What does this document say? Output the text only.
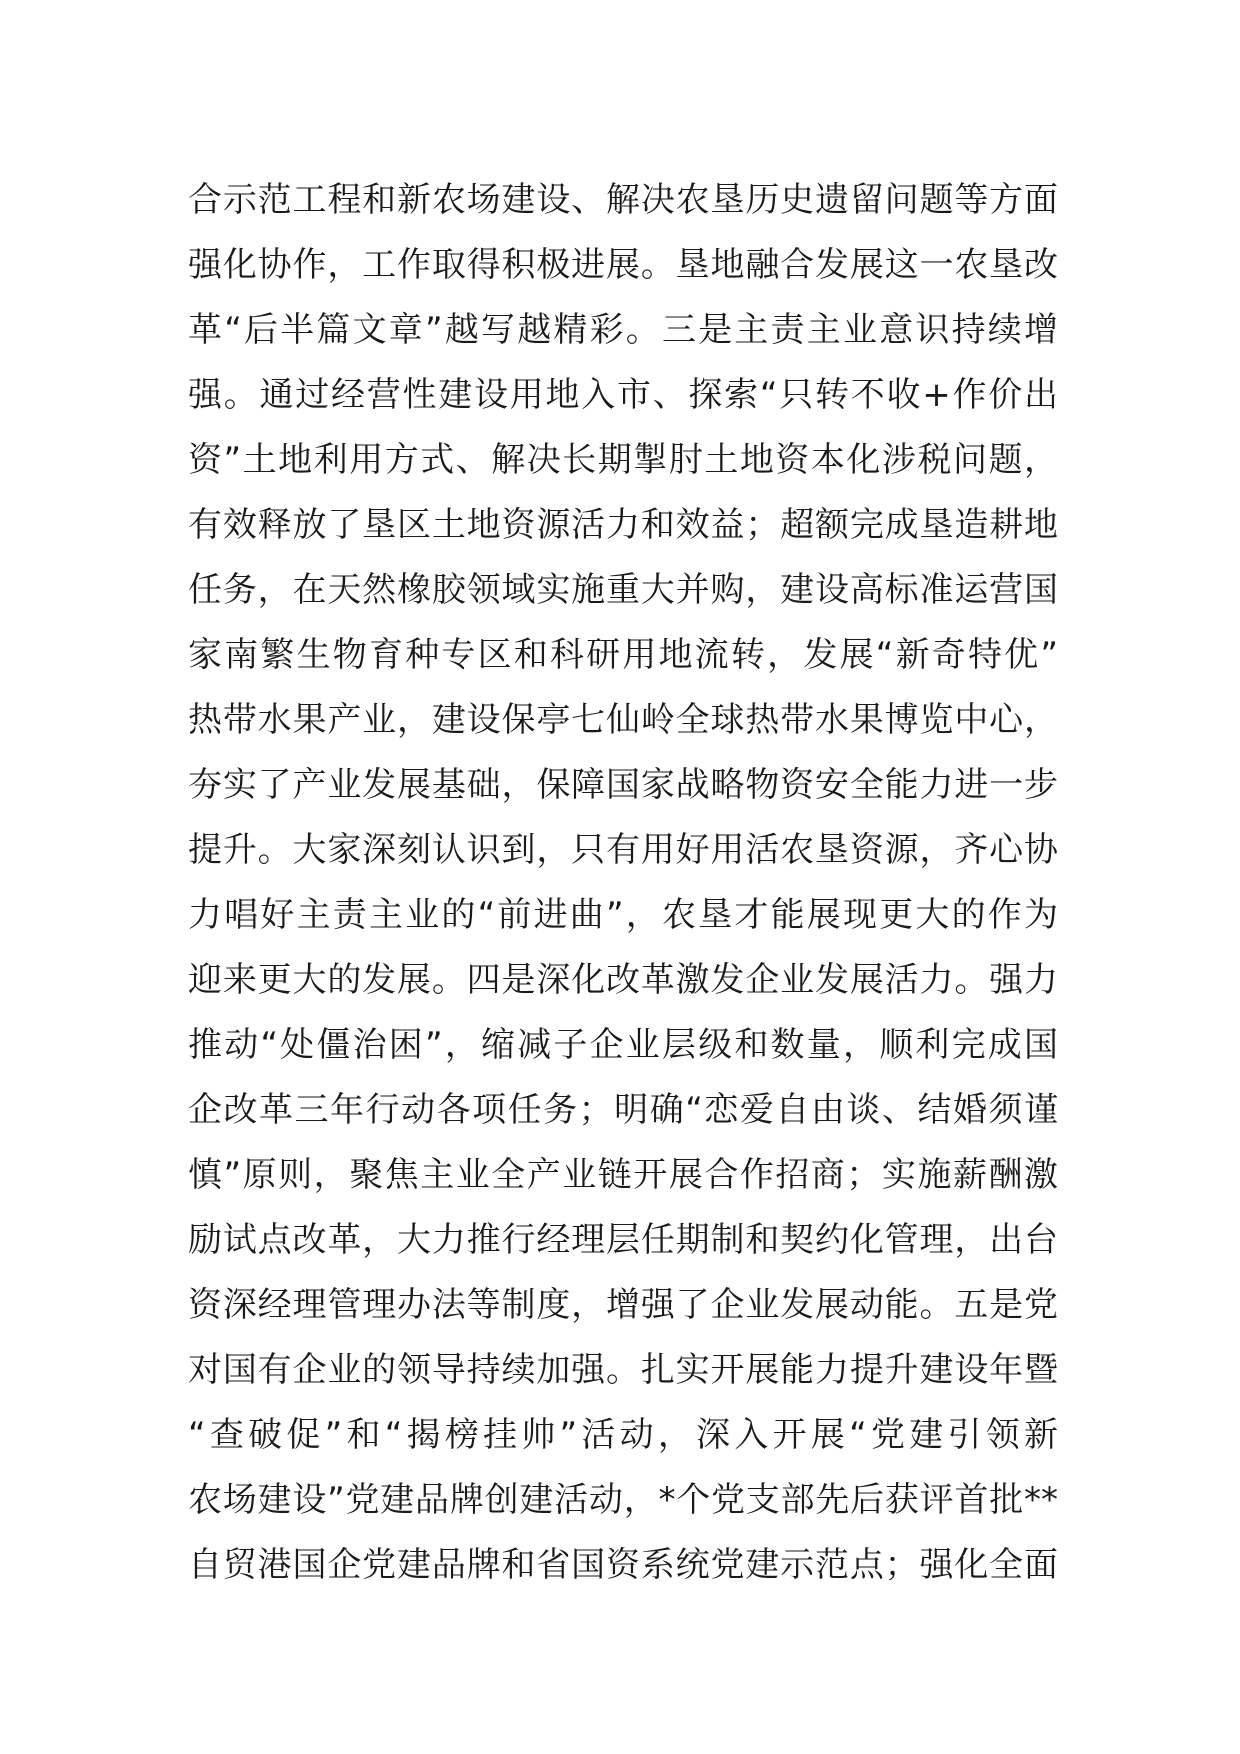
合示范工程和新农场建设、解决农垦历史遗留问题等方面
强化协作，工作取得积极进展。垦地融合发展这一农垦改
革“后半篇文章”越写越精彩。三是主责主业意识持续增
强。通过经营性建设用地入市、探索“只转不收+作价出
资”土地利用方式、解决长期掣肘土地资本化涉税问题，
有效释放了垦区土地资源活力和效益；超额完成垦造耕地
任务，在天然橡胶领域实施重大并购，建设高标准运营国
家南繁生物育种专区和科研用地流转，发展“新奇特优”
热带水果产业，建设保亭七仙岭全球热带水果博览中心，
夯实了产业发展基础，保障国家战略物资安全能力进一步
提升。大家深刻认识到，只有用好用活农垦资源，齐心协
力唱好主责主业的“前进曲”，农垦才能展现更大的作为
迎来更大的发展。四是深化改革激发企业发展活力。强力
推动“处僵治困”，缩减子企业层级和数量，顺利完成国
企改革三年行动各项任务；明确“恋爱自由谈、结婚须谨
慎”原则，聚焦主业全产业链开展合作招商；实施薪酬激
励试点改革，大力推行经理层任期制和契约化管理，出台
资深经理管理办法等制度，增强了企业发展动能。五是党
对国有企业的领导持续加强。扎实开展能力提升建设年暨
“查破促”和“揭榜挂帅”活动，深入开展“党建引领新
农场建设”党建品牌创建活动，*个党支部先后获评首批**
自贸港国企党建品牌和省国资系统党建示范点；强化全面
